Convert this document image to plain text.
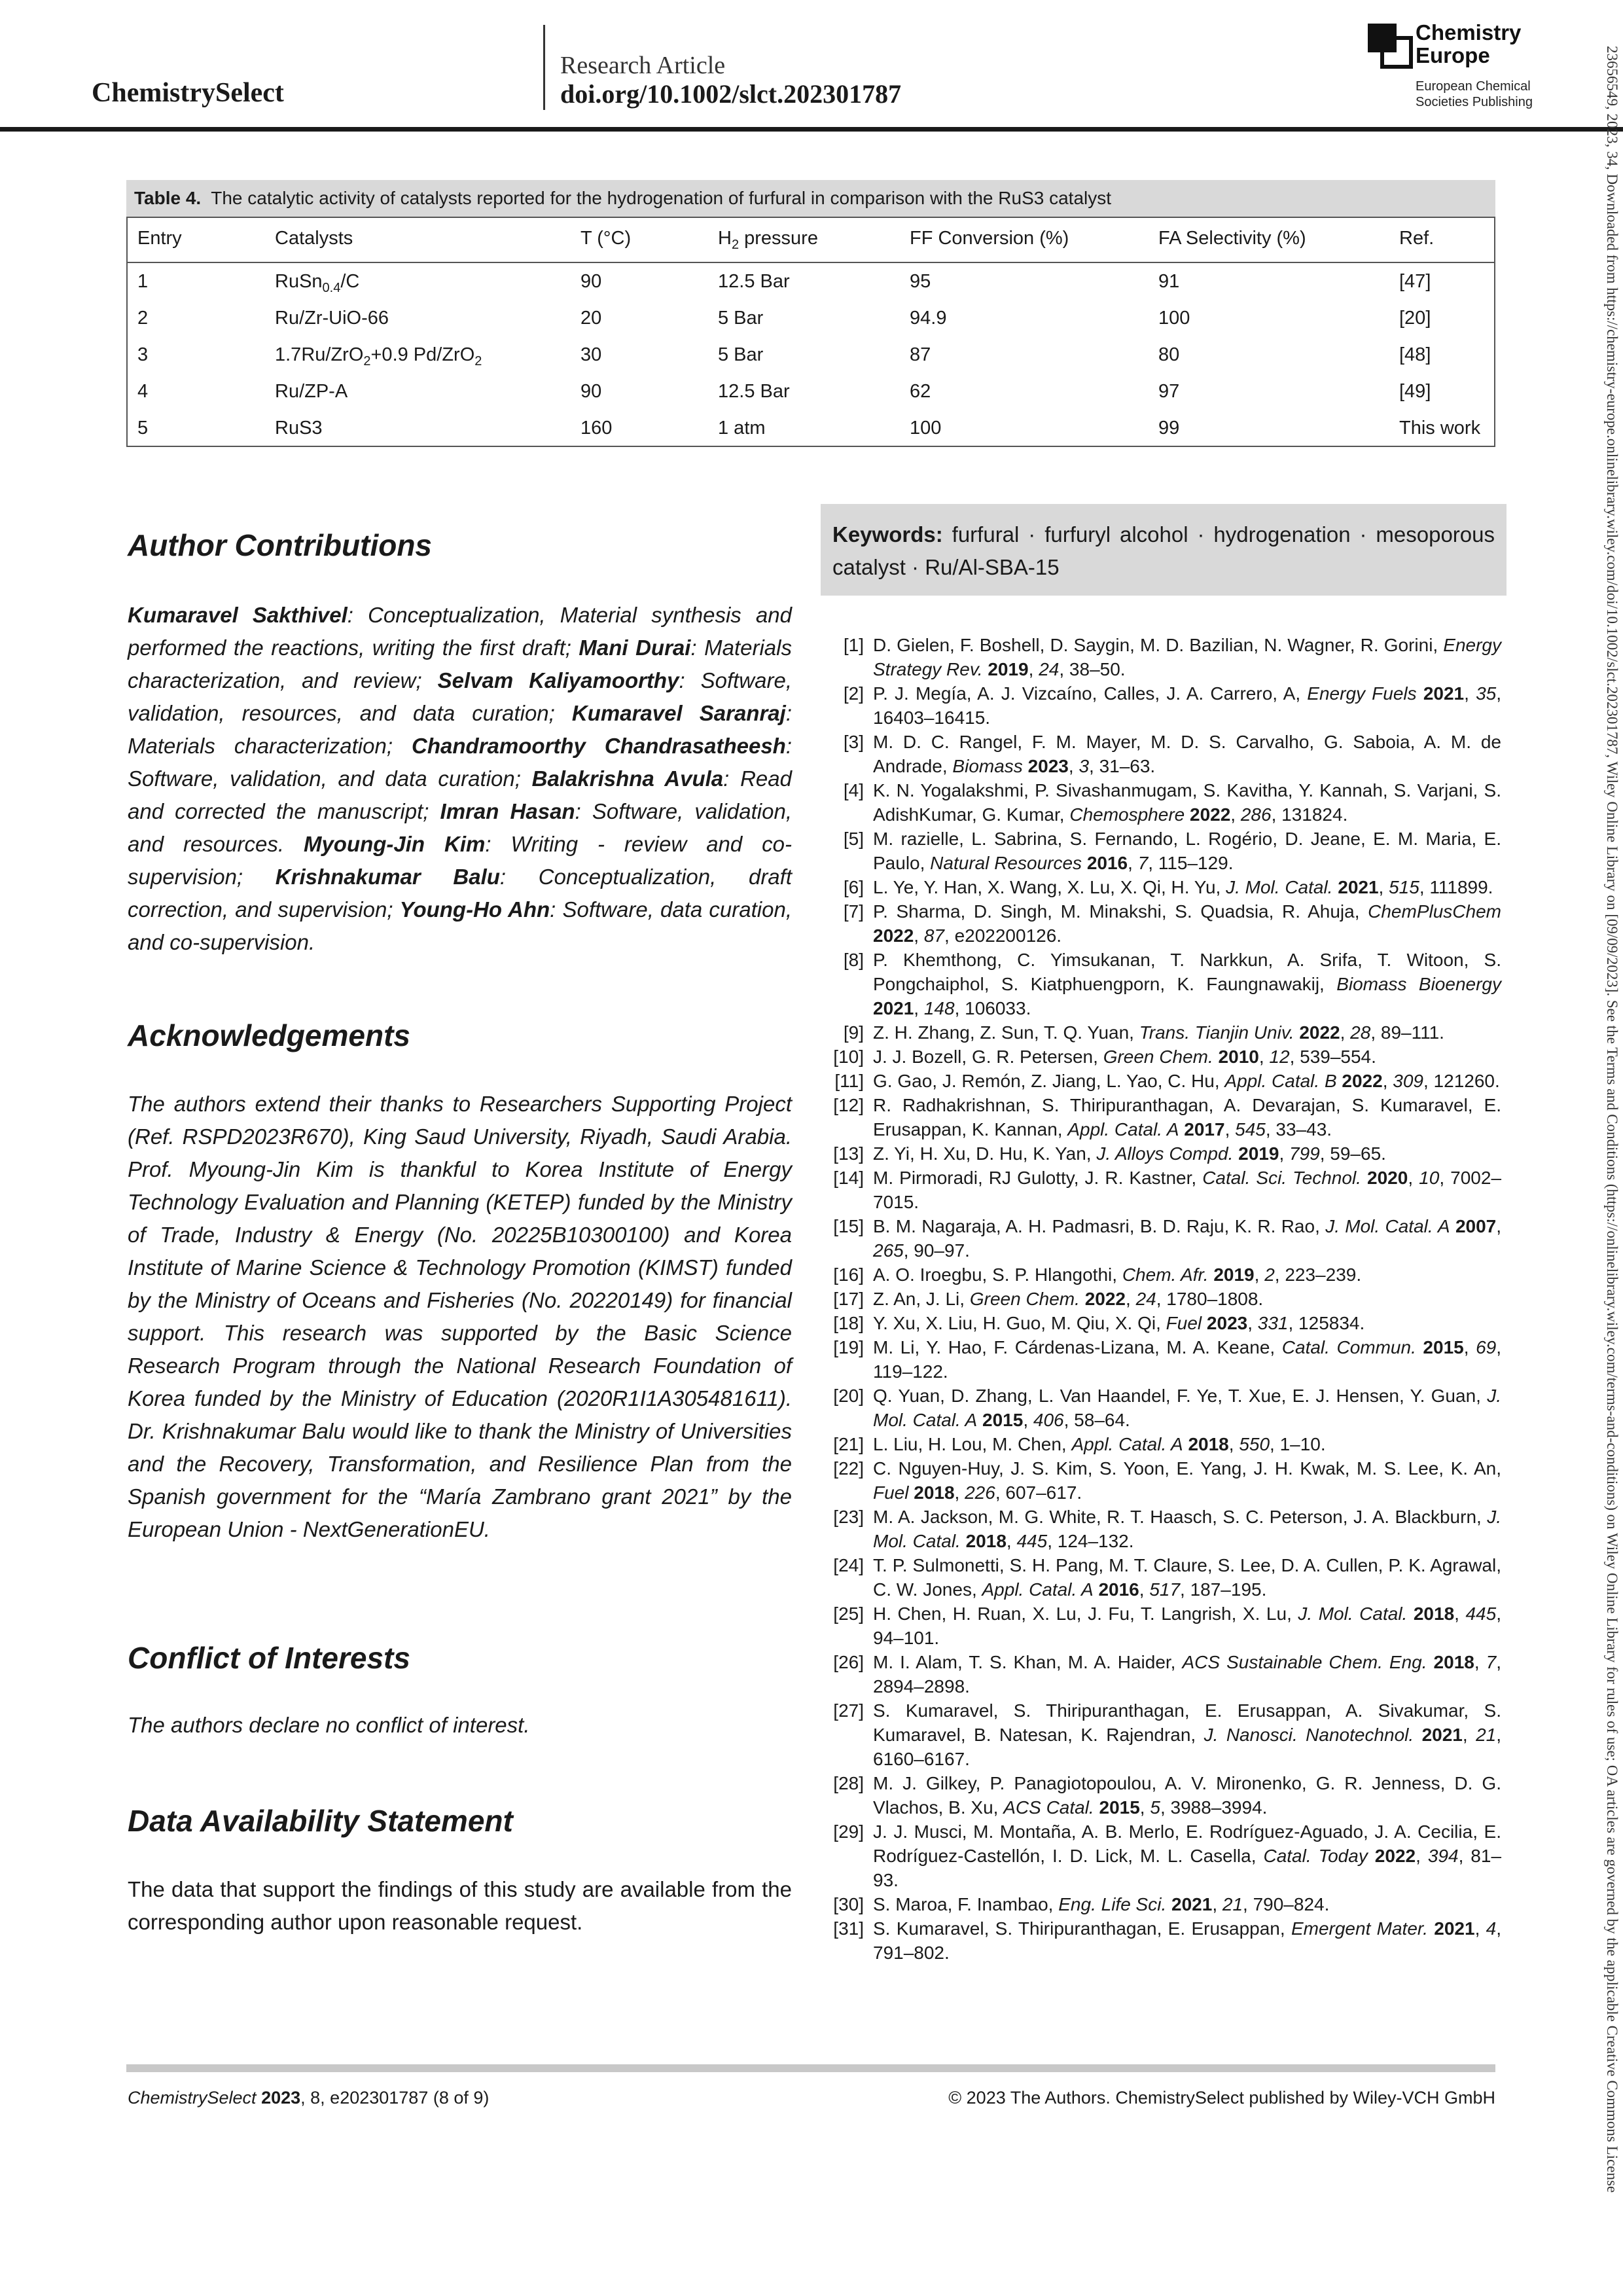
ChemistrySelect
Research Article
doi.org/10.1002/slct.202301787
Chemistry
Europe
European Chemical
Societies Publishing	23656549, 2023, 34, Downloaded from https://chemistry-europe.onlinelibrary.wiley.com/doi/10.1002/slct.202301787, Wiley Online Library on [09/09/2023]. See the Terms and Conditions (https://onlinelibrary.wiley.com/terms-and-conditions) on Wiley Online Library for rules of use; OA articles are governed by the applicable Creative Commons License
Table 4. The catalytic activity of catalysts reported for the hydrogenation of furfural in comparison with the RuS3 catalyst
Entry	Catalysts	T (°C)	$H_2$ pressure	FF Conversion (%)	FA Selectivity (%)	Ref.
1	RuSn$_{0.4}$/C	90	12.5 Bar	95	91	[47]
2	Ru/Zr-UiO-66	20	5 Bar	94.9	100	[20]
3	1.7Ru/ZrO$_2$+0.9 Pd/ZrO$_2$	30	5 Bar	87	80	[48]
4	Ru/ZP-A	90	12.5 Bar	62	97	[49]
5	RuS3	160	1 atm	100	99	This work
Author Contributions
Kumaravel Sakthivel: Conceptualization, Material synthesis and performed the reactions, writing the first draft; Mani Durai: Materials characterization, and review; Selvam Kaliyamoorthy: Software, validation, resources, and data curation; Kumaravel Saranraj: Materials characterization; Chandramoorthy Chandrasatheesh: Software, validation, and data curation; Balakrishna Avula: Read and corrected the manuscript; Imran Hasan: Software, validation, and resources. Myoung-Jin Kim: Writing - review and co-supervision; Krishnakumar Balu: Conceptualization, draft correction, and supervision; Young-Ho Ahn: Software, data curation, and co-supervision.
Acknowledgements
The authors extend their thanks to Researchers Supporting Project (Ref. RSPD2023R670), King Saud University, Riyadh, Saudi Arabia. Prof. Myoung-Jin Kim is thankful to Korea Institute of Energy Technology Evaluation and Planning (KETEP) funded by the Ministry of Trade, Industry & Energy (No. 20225B10300100) and Korea Institute of Marine Science & Technology Promotion (KIMST) funded by the Ministry of Oceans and Fisheries (No. 20220149) for financial support. This research was supported by the Basic Science Research Program through the National Research Foundation of Korea funded by the Ministry of Education (2020R1I1A305481611). Dr. Krishnakumar Balu would like to thank the Ministry of Universities and the Recovery, Transformation, and Resilience Plan from the Spanish government for the “María Zambrano grant 2021” by the European Union - NextGenerationEU.
Conflict of Interests
The authors declare no conflict of interest.
Data Availability Statement
The data that support the findings of this study are available from the corresponding author upon reasonable request.
Keywords: furfural · furfuryl alcohol · hydrogenation · mesoporous catalyst · Ru/Al-SBA-15
[1] D. Gielen, F. Boshell, D. Saygin, M. D. Bazilian, N. Wagner, R. Gorini, Energy Strategy Rev. 2019, 24, 38–50.
[2] P. J. Megía, A. J. Vizcaíno, Calles, J. A. Carrero, A, Energy Fuels 2021, 35, 16403–16415.
[3] M. D. C. Rangel, F. M. Mayer, M. D. S. Carvalho, G. Saboia, A. M. de Andrade, Biomass 2023, 3, 31–63.
[4] K. N. Yogalakshmi, P. Sivashanmugam, S. Kavitha, Y. Kannah, S. Varjani, S. AdishKumar, G. Kumar, Chemosphere 2022, 286, 131824.
[5] M. razielle, L. Sabrina, S. Fernando, L. Rogério, D. Jeane, E. M. Maria, E. Paulo, Natural Resources 2016, 7, 115–129.
[6] L. Ye, Y. Han, X. Wang, X. Lu, X. Qi, H. Yu, J. Mol. Catal. 2021, 515, 111899.
[7] P. Sharma, D. Singh, M. Minakshi, S. Quadsia, R. Ahuja, ChemPlusChem 2022, 87, e202200126.
[8] P. Khemthong, C. Yimsukanan, T. Narkkun, A. Srifa, T. Witoon, S. Pongchaiphol, S. Kiatphuengporn, K. Faungnawakij, Biomass Bioenergy 2021, 148, 106033.
[9] Z. H. Zhang, Z. Sun, T. Q. Yuan, Trans. Tianjin Univ. 2022, 28, 89–111.
[10] J. J. Bozell, G. R. Petersen, Green Chem. 2010, 12, 539–554.
[11] G. Gao, J. Remón, Z. Jiang, L. Yao, C. Hu, Appl. Catal. B 2022, 309, 121260.
[12] R. Radhakrishnan, S. Thiripuranthagan, A. Devarajan, S. Kumaravel, E. Erusappan, K. Kannan, Appl. Catal. A 2017, 545, 33–43.
[13] Z. Yi, H. Xu, D. Hu, K. Yan, J. Alloys Compd. 2019, 799, 59–65.
[14] M. Pirmoradi, RJ Gulotty, J. R. Kastner, Catal. Sci. Technol. 2020, 10, 7002–7015.
[15] B. M. Nagaraja, A. H. Padmasri, B. D. Raju, K. R. Rao, J. Mol. Catal. A 2007, 265, 90–97.
[16] A. O. Iroegbu, S. P. Hlangothi, Chem. Afr. 2019, 2, 223–239.
[17] Z. An, J. Li, Green Chem. 2022, 24, 1780–1808.
[18] Y. Xu, X. Liu, H. Guo, M. Qiu, X. Qi, Fuel 2023, 331, 125834.
[19] M. Li, Y. Hao, F. Cárdenas-Lizana, M. A. Keane, Catal. Commun. 2015, 69, 119–122.
[20] Q. Yuan, D. Zhang, L. Van Haandel, F. Ye, T. Xue, E. J. Hensen, Y. Guan, J. Mol. Catal. A 2015, 406, 58–64.
[21] L. Liu, H. Lou, M. Chen, Appl. Catal. A 2018, 550, 1–10.
[22] C. Nguyen-Huy, J. S. Kim, S. Yoon, E. Yang, J. H. Kwak, M. S. Lee, K. An, Fuel 2018, 226, 607–617.
[23] M. A. Jackson, M. G. White, R. T. Haasch, S. C. Peterson, J. A. Blackburn, J. Mol. Catal. 2018, 445, 124–132.
[24] T. P. Sulmonetti, S. H. Pang, M. T. Claure, S. Lee, D. A. Cullen, P. K. Agrawal, C. W. Jones, Appl. Catal. A 2016, 517, 187–195.
[25] H. Chen, H. Ruan, X. Lu, J. Fu, T. Langrish, X. Lu, J. Mol. Catal. 2018, 445, 94–101.
[26] M. I. Alam, T. S. Khan, M. A. Haider, ACS Sustainable Chem. Eng. 2018, 7, 2894–2898.
[27] S. Kumaravel, S. Thiripuranthagan, E. Erusappan, A. Sivakumar, S. Kumaravel, B. Natesan, K. Rajendran, J. Nanosci. Nanotechnol. 2021, 21, 6160–6167.
[28] M. J. Gilkey, P. Panagiotopoulou, A. V. Mironenko, G. R. Jenness, D. G. Vlachos, B. Xu, ACS Catal. 2015, 5, 3988–3994.
[29] J. J. Musci, M. Montaña, A. B. Merlo, E. Rodríguez-Aguado, J. A. Cecilia, E. Rodríguez-Castellón, I. D. Lick, M. L. Casella, Catal. Today 2022, 394, 81–93.
[30] S. Maroa, F. Inambao, Eng. Life Sci. 2021, 21, 790–824.
[31] S. Kumaravel, S. Thiripuranthagan, E. Erusappan, Emergent Mater. 2021, 4, 791–802.
ChemistrySelect 2023, 8, e202301787 (8 of 9)	© 2023 The Authors. ChemistrySelect published by Wiley-VCH GmbH
